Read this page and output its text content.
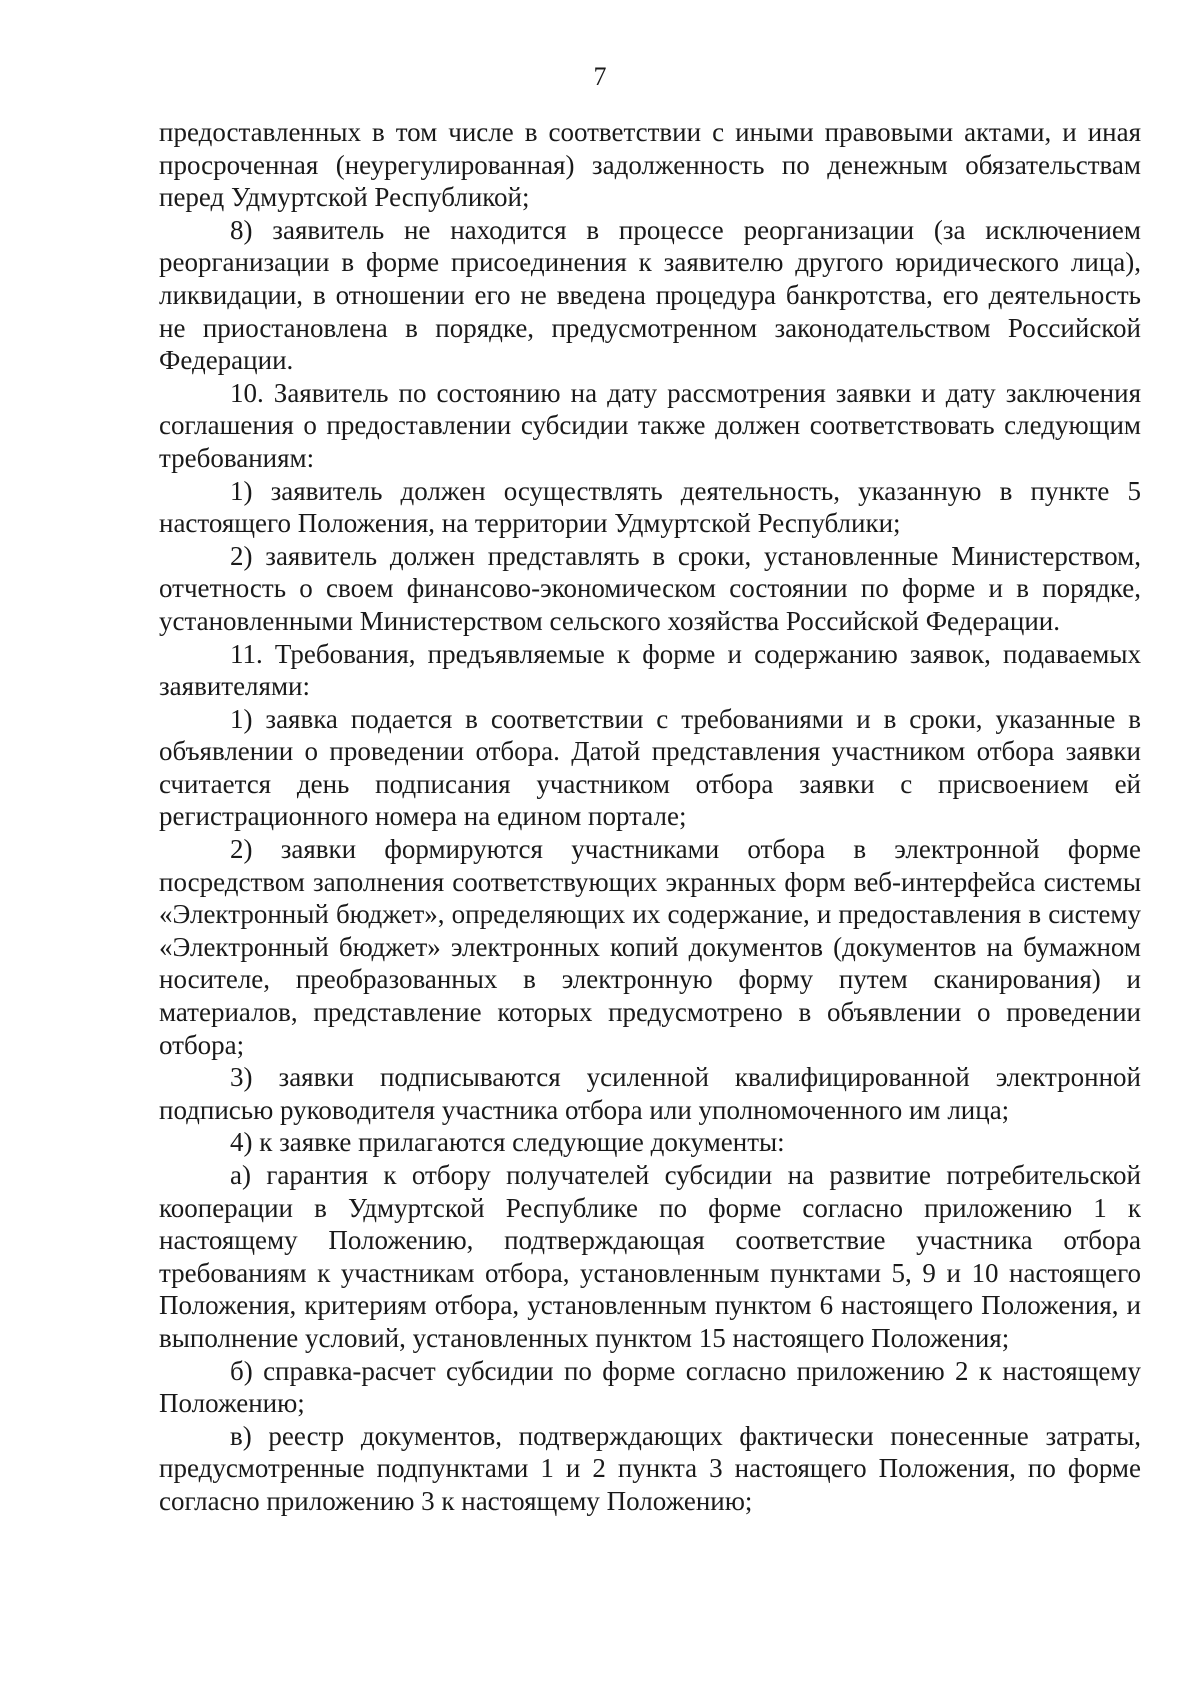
7

предоставленных в том числе в соответствии с иными правовыми актами, и иная просроченная (неурегулированная) задолженность по денежным обязательствам перед Удмуртской Республикой;

8) заявитель не находится в процессе реорганизации (за исключением реорганизации в форме присоединения к заявителю другого юридического лица), ликвидации, в отношении его не введена процедура банкротства, его деятельность не приостановлена в порядке, предусмотренном законодательством Российской Федерации.

10. Заявитель по состоянию на дату рассмотрения заявки и дату заключения соглашения о предоставлении субсидии также должен соответствовать следующим требованиям:

1) заявитель должен осуществлять деятельность, указанную в пункте 5 настоящего Положения, на территории Удмуртской Республики;

2) заявитель должен представлять в сроки, установленные Министерством, отчетность о своем финансово-экономическом состоянии по форме и в порядке, установленными Министерством сельского хозяйства Российской Федерации.

11. Требования, предъявляемые к форме и содержанию заявок, подаваемых заявителями:

1) заявка подается в соответствии с требованиями и в сроки, указанные в объявлении о проведении отбора. Датой представления участником отбора заявки считается день подписания участником отбора заявки с присвоением ей регистрационного номера на едином портале;

2) заявки формируются участниками отбора в электронной форме посредством заполнения соответствующих экранных форм веб-интерфейса системы «Электронный бюджет», определяющих их содержание, и предоставления в систему «Электронный бюджет» электронных копий документов (документов на бумажном носителе, преобразованных в электронную форму путем сканирования) и материалов, представление которых предусмотрено в объявлении о проведении отбора;

3) заявки подписываются усиленной квалифицированной электронной подписью руководителя участника отбора или уполномоченного им лица;

4) к заявке прилагаются следующие документы:

а) гарантия к отбору получателей субсидии на развитие потребительской кооперации в Удмуртской Республике по форме согласно приложению 1 к настоящему Положению, подтверждающая соответствие участника отбора требованиям к участникам отбора, установленным пунктами 5, 9 и 10 настоящего Положения, критериям отбора, установленным пунктом 6 настоящего Положения, и выполнение условий, установленных пунктом 15 настоящего Положения;

б) справка-расчет субсидии по форме согласно приложению 2 к настоящему Положению;

в) реестр документов, подтверждающих фактически понесенные затраты, предусмотренные подпунктами 1 и 2 пункта 3 настоящего Положения, по форме согласно приложению 3 к настоящему Положению;
